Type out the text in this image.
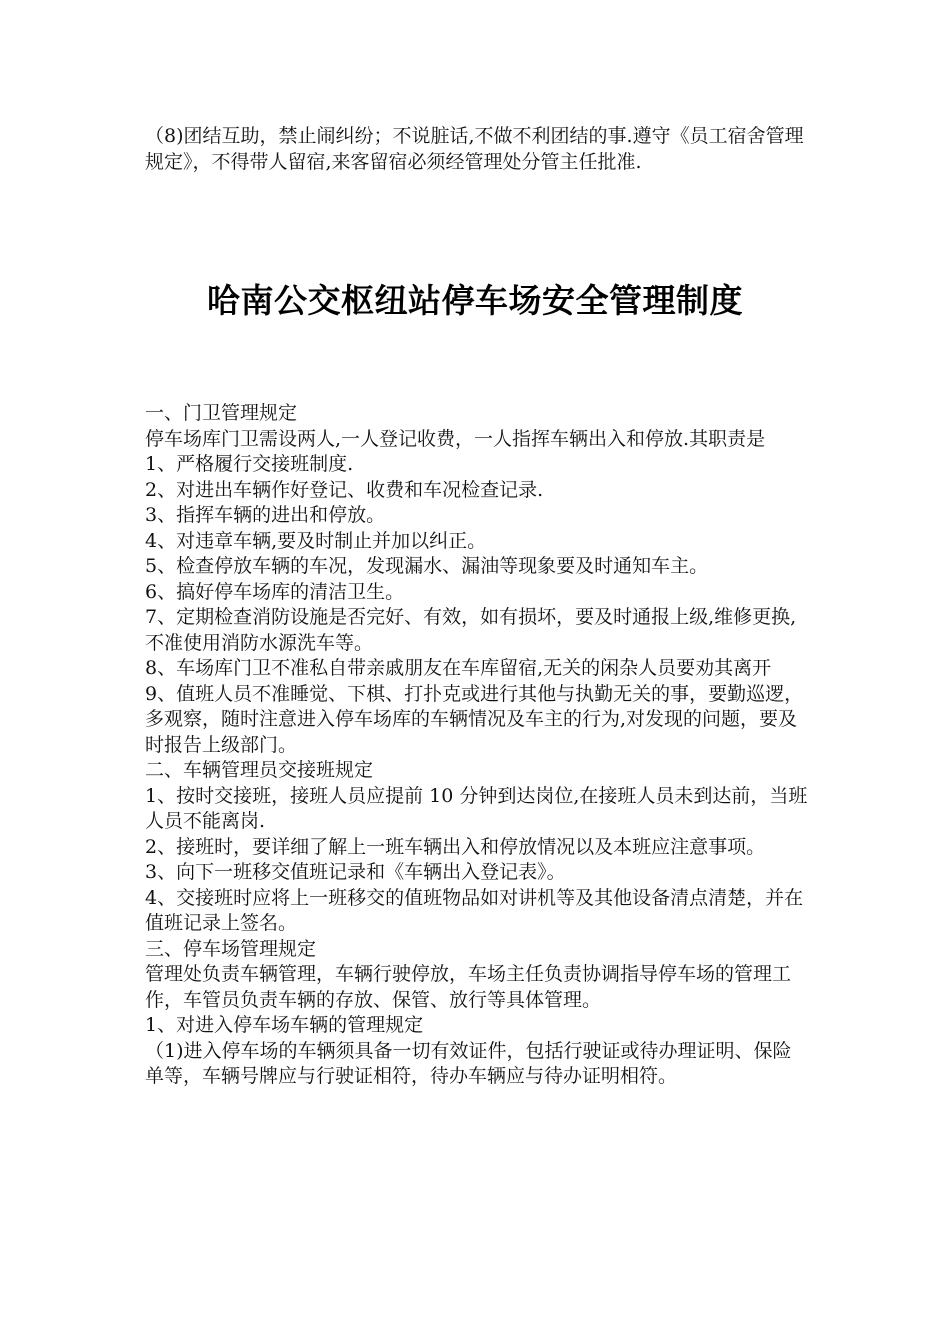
（8)团结互助，禁止闹纠纷；不说脏话,不做不利团结的事.遵守《员工宿舍管理规定》，不得带人留宿,来客留宿必须经管理处分管主任批准.

哈南公交枢纽站停车场安全管理制度

一、门卫管理规定

停车场库门卫需设两人,一人登记收费，一人指挥车辆出入和停放.其职责是

1、严格履行交接班制度.

2、对进出车辆作好登记、收费和车况检查记录.

3、指挥车辆的进出和停放。

4、对违章车辆,要及时制止并加以纠正。

5、检查停放车辆的车况，发现漏水、漏油等现象要及时通知车主。

6、搞好停车场库的清洁卫生。

7、定期检查消防设施是否完好、有效，如有损坏，要及时通报上级,维修更换,不准使用消防水源洗车等。

8、车场库门卫不准私自带亲戚朋友在车库留宿,无关的闲杂人员要劝其离开

9、值班人员不准睡觉、下棋、打扑克或进行其他与执勤无关的事，要勤巡逻，多观察，随时注意进入停车场库的车辆情况及车主的行为,对发现的问题，要及时报告上级部门。

二、车辆管理员交接班规定

1、按时交接班，接班人员应提前 10 分钟到达岗位,在接班人员未到达前，当班人员不能离岗.

2、接班时，要详细了解上一班车辆出入和停放情况以及本班应注意事项。

3、向下一班移交值班记录和《车辆出入登记表》。

4、交接班时应将上一班移交的值班物品如对讲机等及其他设备清点清楚，并在值班记录上签名。

三、停车场管理规定

管理处负责车辆管理，车辆行驶停放，车场主任负责协调指导停车场的管理工作，车管员负责车辆的存放、保管、放行等具体管理。

1、对进入停车场车辆的管理规定

（1)进入停车场的车辆须具备一切有效证件，包括行驶证或待办理证明、保险单等，车辆号牌应与行驶证相符，待办车辆应与待办证明相符。
